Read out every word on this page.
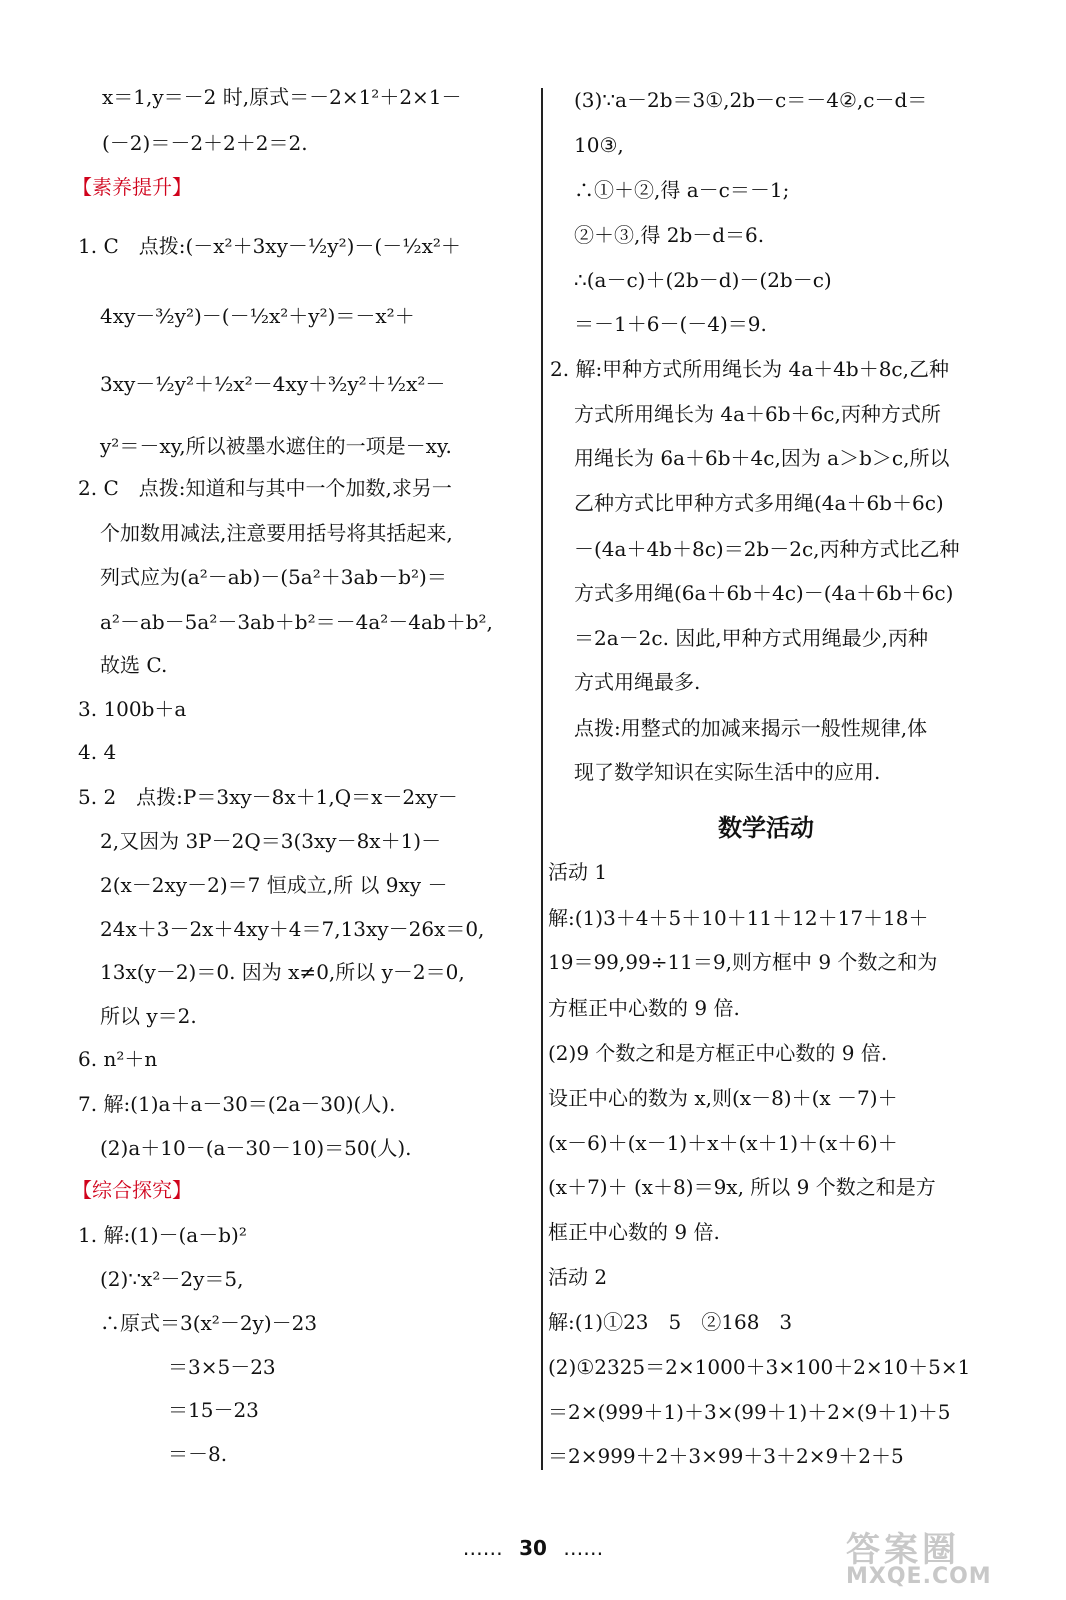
x＝1,y＝－2 时,原式＝－2×1²＋2×1－
(－2)＝－2＋2＋2＝2.
【素养提升】
1. C　点拨:(－x²＋3xy－½y²)－(－½x²＋
4xy－³⁄₂y²)－(－½x²＋y²)＝－x²＋
3xy－½y²＋½x²－4xy＋³⁄₂y²＋½x²－
y²＝－xy,所以被墨水遮住的一项是－xy.
2. C　点拨:知道和与其中一个加数,求另一
个加数用减法,注意要用括号将其括起来,
列式应为(a²－ab)－(5a²＋3ab－b²)＝
a²－ab－5a²－3ab＋b²＝－4a²－4ab＋b²,
故选 C.
3. 100b＋a
4. 4
5. 2　点拨:P＝3xy－8x＋1,Q＝x－2xy－
2,又因为 3P－2Q＝3(3xy－8x＋1)－
2(x－2xy－2)＝7 恒成立,所 以 9xy －
24x＋3－2x＋4xy＋4＝7,13xy－26x＝0,
13x(y－2)＝0. 因为 x≠0,所以 y－2＝0,
所以 y＝2.
6. n²＋n
7. 解:(1)a＋a－30＝(2a－30)(人).
(2)a＋10－(a－30－10)＝50(人).
【综合探究】
1. 解:(1)－(a－b)²
(2)∵x²－2y＝5,
∴原式＝3(x²－2y)－23
＝3×5－23
＝15－23
＝－8.
(3)∵a－2b＝3①,2b－c＝－4②,c－d＝
10③,
∴①＋②,得 a－c＝－1;
②＋③,得 2b－d＝6.
∴(a－c)＋(2b－d)－(2b－c)
＝－1＋6－(－4)＝9.
2. 解:甲种方式所用绳长为 4a＋4b＋8c,乙种
方式所用绳长为 4a＋6b＋6c,丙种方式所
用绳长为 6a＋6b＋4c,因为 a＞b＞c,所以
乙种方式比甲种方式多用绳(4a＋6b＋6c)
－(4a＋4b＋8c)＝2b－2c,丙种方式比乙种
方式多用绳(6a＋6b＋4c)－(4a＋6b＋6c)
＝2a－2c. 因此,甲种方式用绳最少,丙种
方式用绳最多.
点拨:用整式的加减来揭示一般性规律,体
现了数学知识在实际生活中的应用.
数学活动
活动 1
解:(1)3＋4＋5＋10＋11＋12＋17＋18＋
19＝99,99÷11＝9,则方框中 9 个数之和为
方框正中心数的 9 倍.
(2)9 个数之和是方框正中心数的 9 倍.
设正中心的数为 x,则(x－8)＋(x －7)＋
(x－6)＋(x－1)＋x＋(x＋1)＋(x＋6)＋
(x＋7)＋ (x＋8)＝9x, 所以 9 个数之和是方
框正中心数的 9 倍.
活动 2
解:(1)①23　5　②168　3
(2)①2325＝2×1000＋3×100＋2×10＋5×1
＝2×(999＋1)＋3×(99＋1)＋2×(9＋1)＋5
＝2×999＋2＋3×99＋3＋2×9＋2＋5
…… 30 ……	答案圈
MXQE.COM
